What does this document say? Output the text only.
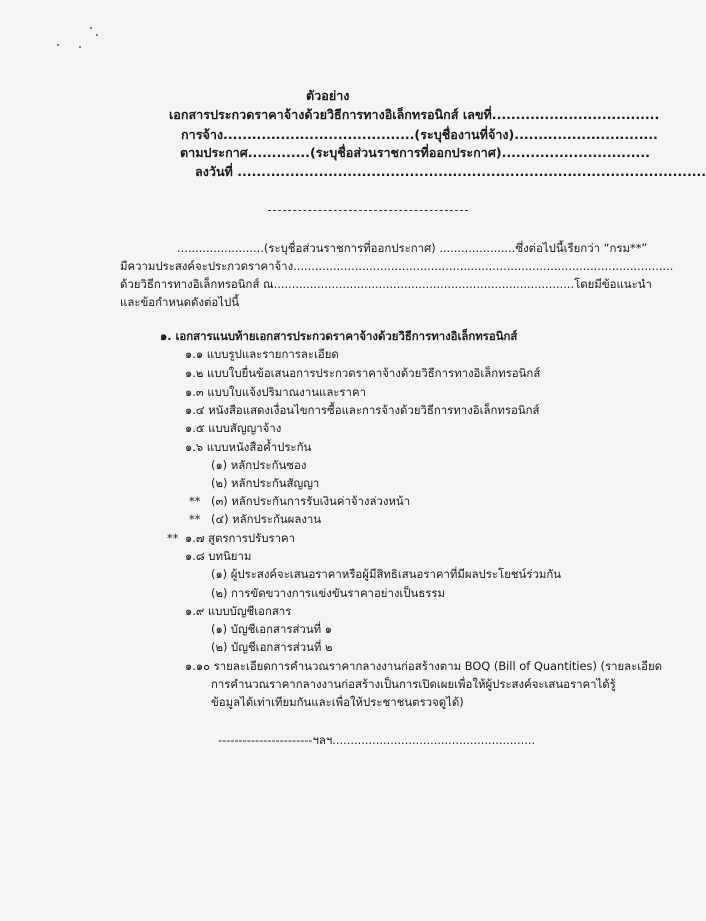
ตัวอย่าง
เอกสารประกวดราคาจ้างด้วยวิธีการทางอิเล็กทรอนิกส์ เลขที่...................................
การจ้าง........................................(ระบุชื่องานที่จ้าง)..............................
ตามประกาศ.............(ระบุชื่อส่วนราชการที่ออกประกาศ)...............................
ลงวันที่ ..................................................................................................
........................(ระบุชื่อส่วนราชการที่ออกประกาศ) .....................ซึ่งต่อไปนี้เรียกว่า “กรม**”
มีความประสงค์จะประกวดราคาจ้าง.........................................................................................................
ด้วยวิธีการทางอิเล็กทรอนิกส์ ณ...................................................................................โดยมีข้อแนะนำ
และข้อกำหนดดังต่อไปนี้
๑. เอกสารแนบท้ายเอกสารประกวดราคาจ้างด้วยวิธีการทางอิเล็กทรอนิกส์
๑.๑ แบบรูปและรายการละเอียด
๑.๒ แบบใบยื่นข้อเสนอการประกวดราคาจ้างด้วยวิธีการทางอิเล็กทรอนิกส์
๑.๓ แบบใบแจ้งปริมาณงานและราคา
๑.๔ หนังสือแสดงเงื่อนไขการซื้อและการจ้างด้วยวิธีการทางอิเล็กทรอนิกส์
๑.๕ แบบสัญญาจ้าง
๑.๖ แบบหนังสือค้ำประกัน
(๑) หลักประกันซอง
(๒) หลักประกันสัญญา
** (๓) หลักประกันการรับเงินค่าจ้างล่วงหน้า
** (๔) หลักประกันผลงาน
** ๑.๗ สูตรการปรับราคา
๑.๘ บทนิยาม
(๑) ผู้ประสงค์จะเสนอราคาหรือผู้มีสิทธิเสนอราคาที่มีผลประโยชน์ร่วมกัน
(๒) การขัดขวางการแข่งขันราคาอย่างเป็นธรรม
๑.๙ แบบบัญชีเอกสาร
(๑) บัญชีเอกสารส่วนที่ ๑
(๒) บัญชีเอกสารส่วนที่ ๒
๑.๑๐ รายละเอียดการคำนวณราคากลางงานก่อสร้างตาม BOQ (Bill of Quantities) (รายละเอียด
การคำนวณราคากลางงานก่อสร้างเป็นการเปิดเผยเพื่อให้ผู้ประสงค์จะเสนอราคาได้รู้
ข้อมูลได้เท่าเทียมกันและเพื่อให้ประชาชนตรวจดูได้)
-----------------------ฯลฯ........................................................
